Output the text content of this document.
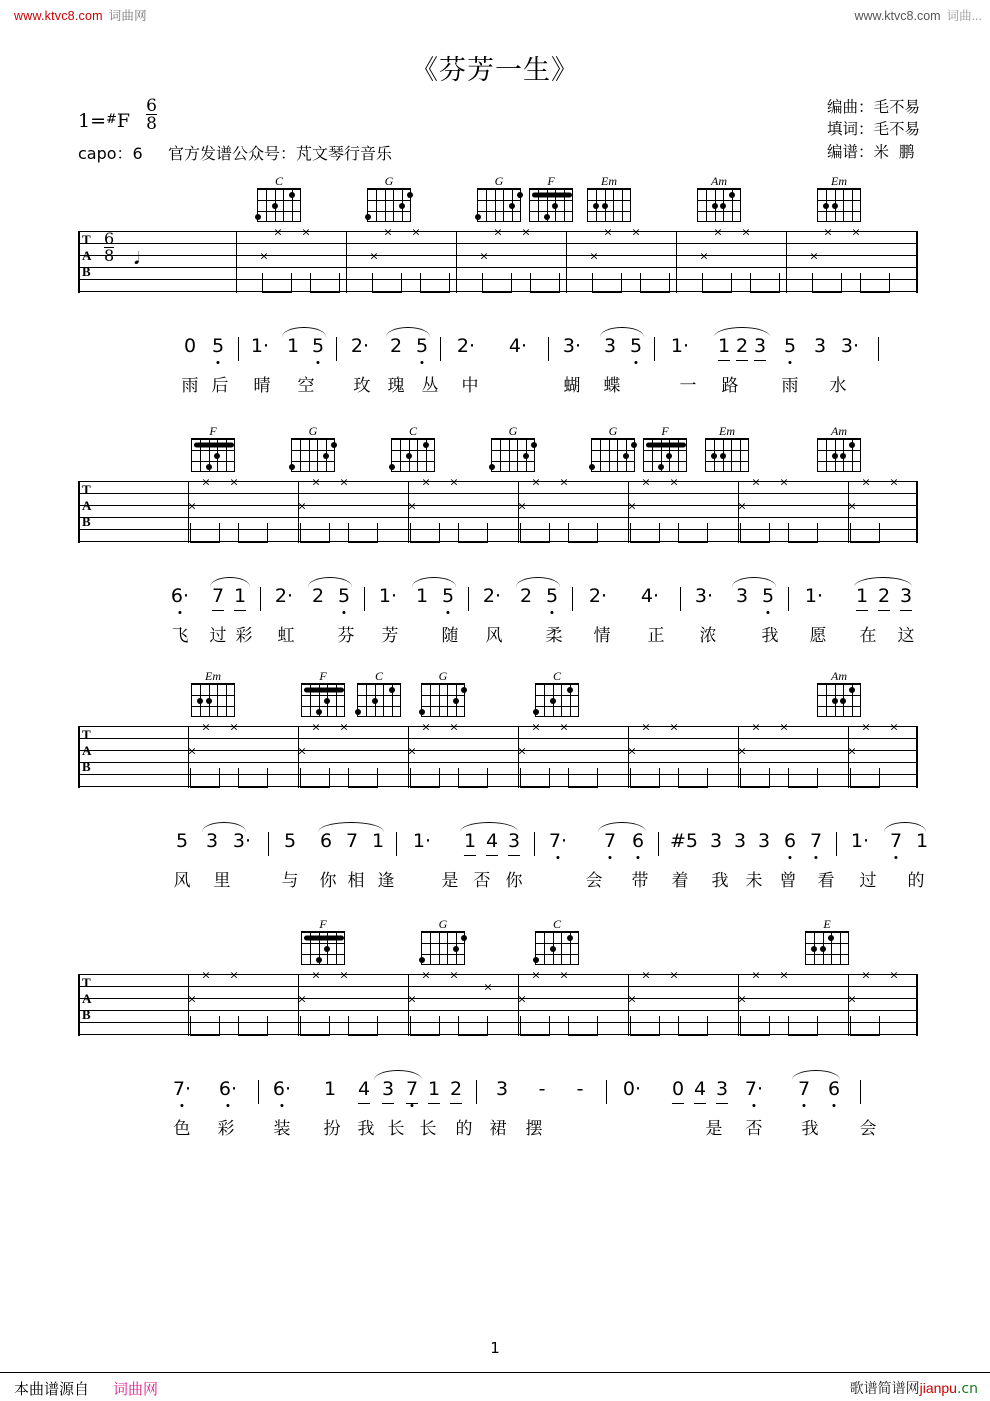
www.ktvc8.com 词曲网	www.ktvc8.com 词曲...
《芬芳一生》
$1=^{\#}F \frac{6}{8}$
capo：6 官方发谱公众号：芃文琴行音乐
编曲：毛不易
填词：毛不易
编谱：米  鹏
C	G	G	F	Em	Am	Em
T
A
B
6
8 𝅘𝅥
× ×	× ×	× ×	× ×	× ×	× ×
×	×	×	×	×	×
0 5 1· 1 5 2· 2 5 2· 4· 3· 3 5 1· 1 2 3 5 3 3·
雨 后 晴 空 玫 瑰 丛 中	蝴 蝶	一 路	雨 水
F	G	C	G	G	F	Em	Am
T
A
B
× ×	× ×	× ×	× ×	× ×	× ×	× ×
×	×	×	×	×	×	×
6· 7 1 2· 2 5 1· 1 5 2· 2 5 2· 4· 3· 3 5 1· 1 2 3
飞 过 彩 虹	芬 芳	随 风	柔 情 正 浓	我 愿 在 这
Em	F	C	G	C	Am
T
A
B
× ×	× ×	× ×	× ×	× ×	× ×	× ×
×	×	×	×	×	×	×
5 3 3· 5 6 7 1 1· 1 4 3 7· 7 6 #5 3 3 3 6 7 1· 7 1
风 里	与 你 相 逢	是 否 你	会 带 着 我 未 曾 看 过 的
F	G	C	E
T
A
B
× ×	× ×	× ×
×
× ×	× ×	× ×	× ×
×	×	×	×	×	×	×
7· 6· 6· 1 4 3 7 1 2 3 - - 0· 0 4 3 7· 7 6
色 彩 装 扮 我 长 长 的 裙 摆	是 否 我 会
1
本曲谱源自 词曲网	歌谱简谱网jianpu.cn
